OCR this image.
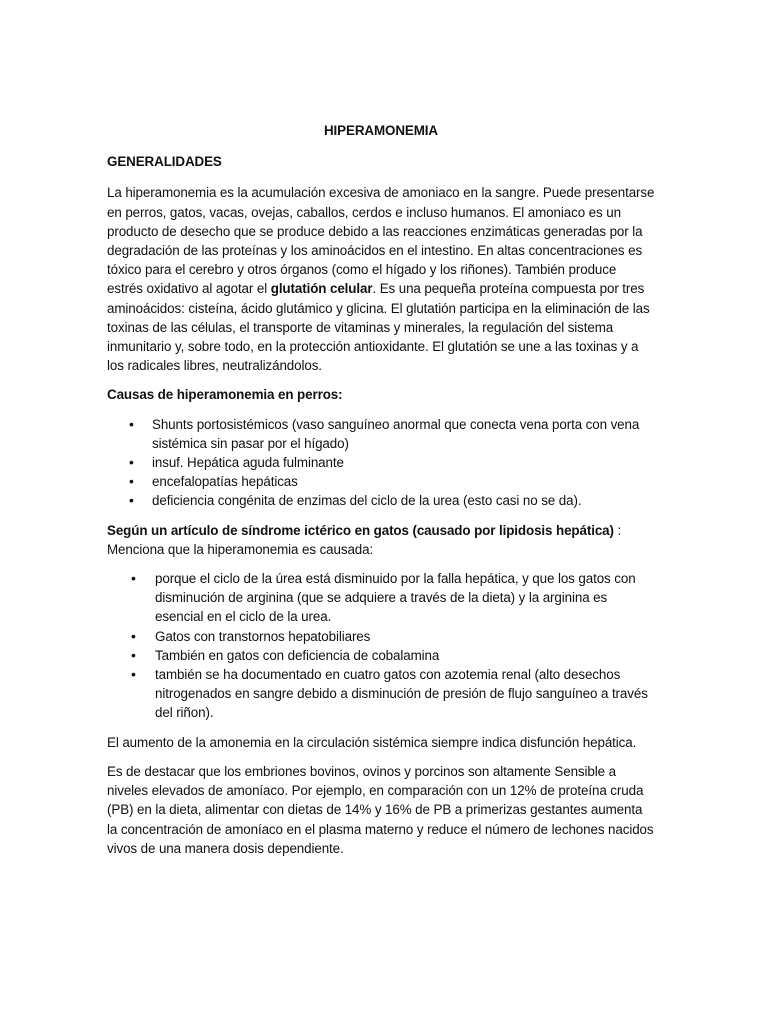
HIPERAMONEMIA
GENERALIDADES

La hiperamonemia es la acumulación excesiva de amoniaco en la sangre. Puede presentarse en perros, gatos, vacas, ovejas, caballos, cerdos e incluso humanos. El amoniaco es un producto de desecho que se produce debido a las reacciones enzimáticas generadas por la degradación de las proteínas y los aminoácidos en el intestino. En altas concentraciones es tóxico para el cerebro y otros órganos (como el hígado y los riñones). También produce estrés oxidativo al agotar el glutatión celular. Es una pequeña proteína compuesta por tres aminoácidos: cisteína, ácido glutámico y glicina. El glutatión participa en la eliminación de las toxinas de las células, el transporte de vitaminas y minerales, la regulación del sistema inmunitario y, sobre todo, en la protección antioxidante. El glutatión se une a las toxinas y a los radicales libres, neutralizándolos.

Causas de hiperamonemia en perros:

• Shunts portosistémicos (vaso sanguíneo anormal que conecta vena porta con vena sistémica sin pasar por el hígado)
• insuf. Hepática aguda fulminante
• encefalopatías hepáticas
• deficiencia congénita de enzimas del ciclo de la urea (esto casi no se da).

Según un artículo de síndrome ictérico en gatos (causado por lipidosis hepática) : Menciona que la hiperamonemia es causada:

• porque el ciclo de la úrea está disminuido por la falla hepática, y que los gatos con disminución de arginina (que se adquiere a través de la dieta) y la arginina es esencial en el ciclo de la urea.
• Gatos con transtornos hepatobiliares
• También en gatos con deficiencia de cobalamina
• también se ha documentado en cuatro gatos con azotemia renal (alto desechos nitrogenados en sangre debido a disminución de presión de flujo sanguíneo a través del riñon).

El aumento de la amonemia en la circulación sistémica siempre indica disfunción hepática.

Es de destacar que los embriones bovinos, ovinos y porcinos son altamente Sensible a niveles elevados de amoníaco. Por ejemplo, en comparación con un 12% de proteína cruda (PB) en la dieta, alimentar con dietas de 14% y 16% de PB a primerizas gestantes aumenta la concentración de amoníaco en el plasma materno y reduce el número de lechones nacidos vivos de una manera dosis dependiente.
